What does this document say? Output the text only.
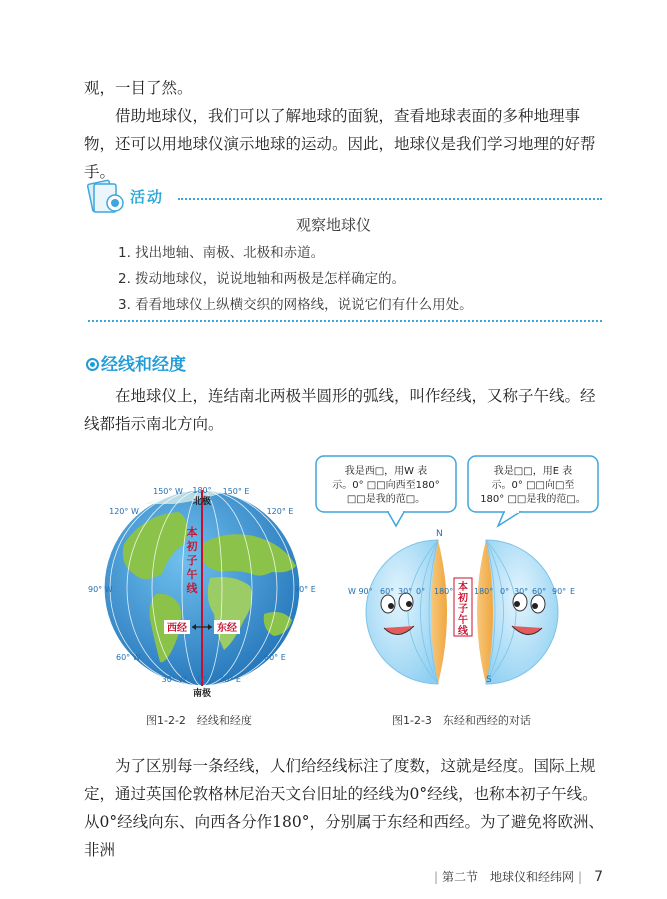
观，一目了然。

借助地球仪，我们可以了解地球的面貌，查看地球表面的多种地理事物，还可以用地球仪演示地球的运动。因此，地球仪是我们学习地理的好帮手。

活动
观察地球仪
1. 找出地轴、南极、北极和赤道。
2. 拨动地球仪，说说地轴和两极是怎样确定的。
3. 看看地球仪上纵横交织的网格线，说说它们有什么用处。
经线和经度

在地球仪上，连结南北两极半圆形的弧线，叫作经线，又称子午线。经线都指示南北方向。

180°
北极
150° W	150° E
120° W	120° E
90° W	90° E
60° W	60° E
30° W 0° 30° E
南极
本
初
子
午
线
西经	东经
图1-2-2　经线和经度
我是西□，用W 表
示。0° □□向西至180°
□□是我的范□。
我是□□，用E 表
示。0° □□向□至
180° □□是我的范□。
N
S
W 90° 60° 30° 0° 180°	180° 0° 30° 60° 90° E
本
初
子
午
线
图1-2-3　东经和西经的对话

为了区别每一条经线，人们给经线标注了度数，这就是经度。国际上规定，通过英国伦敦格林尼治天文台旧址的经线为0°经线，也称本初子午线。从0°经线向东、向西各分作180°，分别属于东经和西经。为了避免将欧洲、非洲

| 第二节　地球仪和经纬网 | 7
